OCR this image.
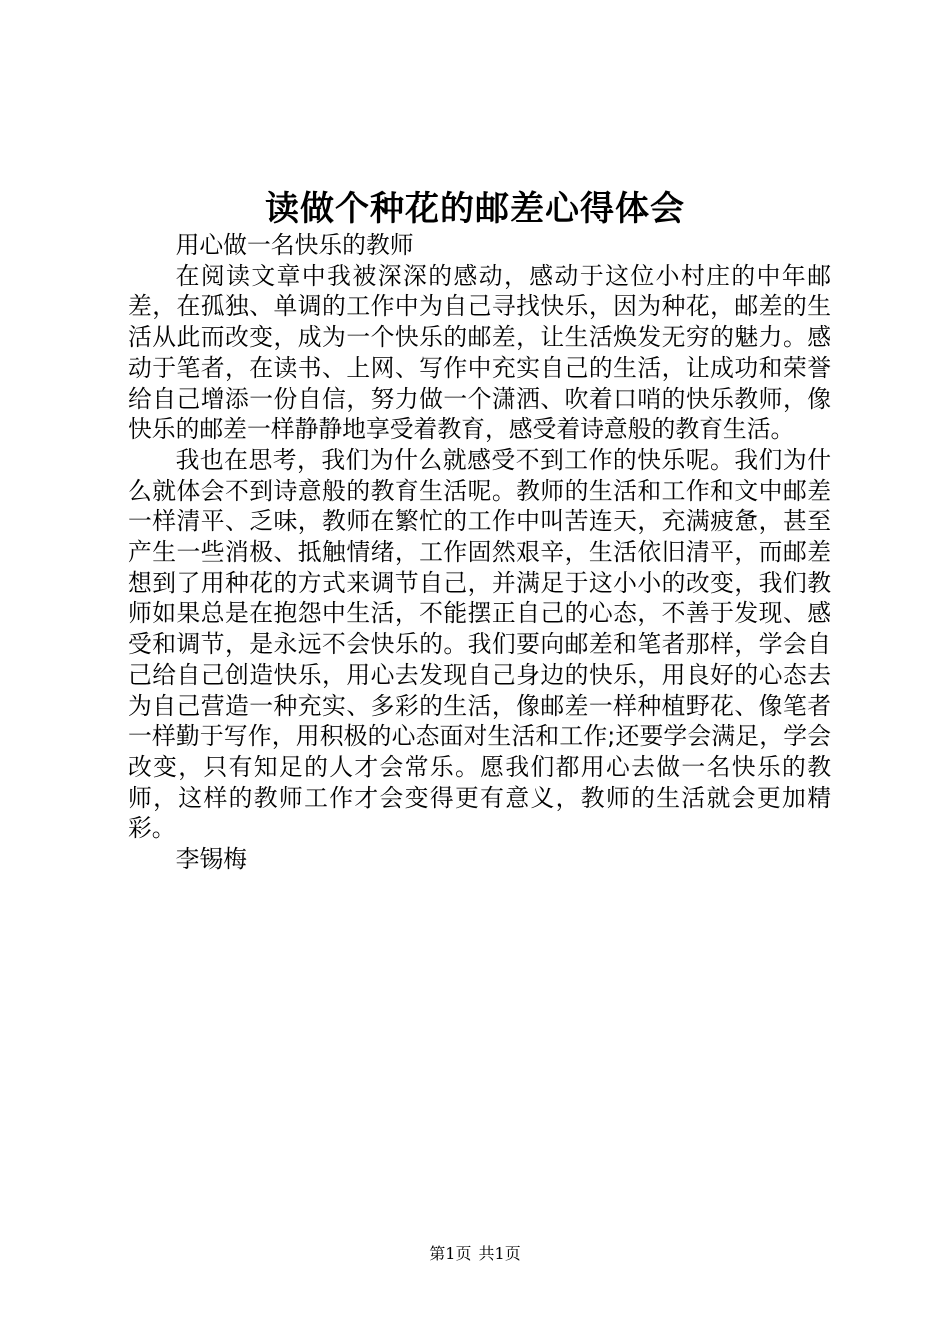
读做个种花的邮差心得体会

用心做一名快乐的教师

在阅读文章中我被深深的感动，感动于这位小村庄的中年邮差，在孤独、单调的工作中为自己寻找快乐，因为种花，邮差的生活从此而改变，成为一个快乐的邮差，让生活焕发无穷的魅力。感动于笔者，在读书、上网、写作中充实自己的生活，让成功和荣誉给自己增添一份自信，努力做一个潇洒、吹着口哨的快乐教师，像快乐的邮差一样静静地享受着教育，感受着诗意般的教育生活。

我也在思考，我们为什么就感受不到工作的快乐呢。我们为什么就体会不到诗意般的教育生活呢。教师的生活和工作和文中邮差一样清平、乏味，教师在繁忙的工作中叫苦连天，充满疲惫，甚至产生一些消极、抵触情绪，工作固然艰辛，生活依旧清平，而邮差想到了用种花的方式来调节自己，并满足于这小小的改变，我们教师如果总是在抱怨中生活，不能摆正自己的心态，不善于发现、感受和调节，是永远不会快乐的。我们要向邮差和笔者那样，学会自己给自己创造快乐，用心去发现自己身边的快乐，用良好的心态去为自己营造一种充实、多彩的生活，像邮差一样种植野花、像笔者一样勤于写作，用积极的心态面对生活和工作;还要学会满足，学会改变，只有知足的人才会常乐。愿我们都用心去做一名快乐的教师，这样的教师工作才会变得更有意义，教师的生活就会更加精彩。

李锡梅

第1页 共1页
